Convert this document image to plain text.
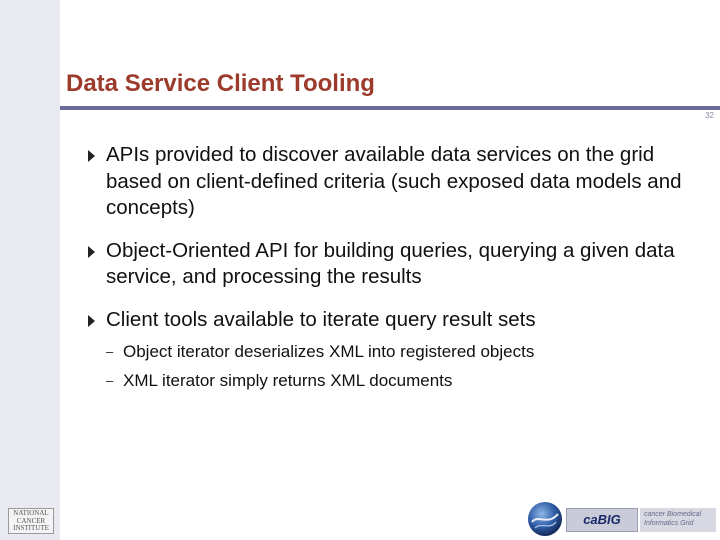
Data Service Client Tooling
32
APIs provided to discover available data services on the grid based on client-defined criteria (such exposed data models and concepts)
Object-Oriented API for building queries, querying a given data service, and processing the results
Client tools available to iterate query result sets
– Object iterator deserializes XML into registered objects
– XML iterator simply returns XML documents
NATIONAL
CANCER
INSTITUTE
caBIG	cancer Biomedical
Informatics Grid
